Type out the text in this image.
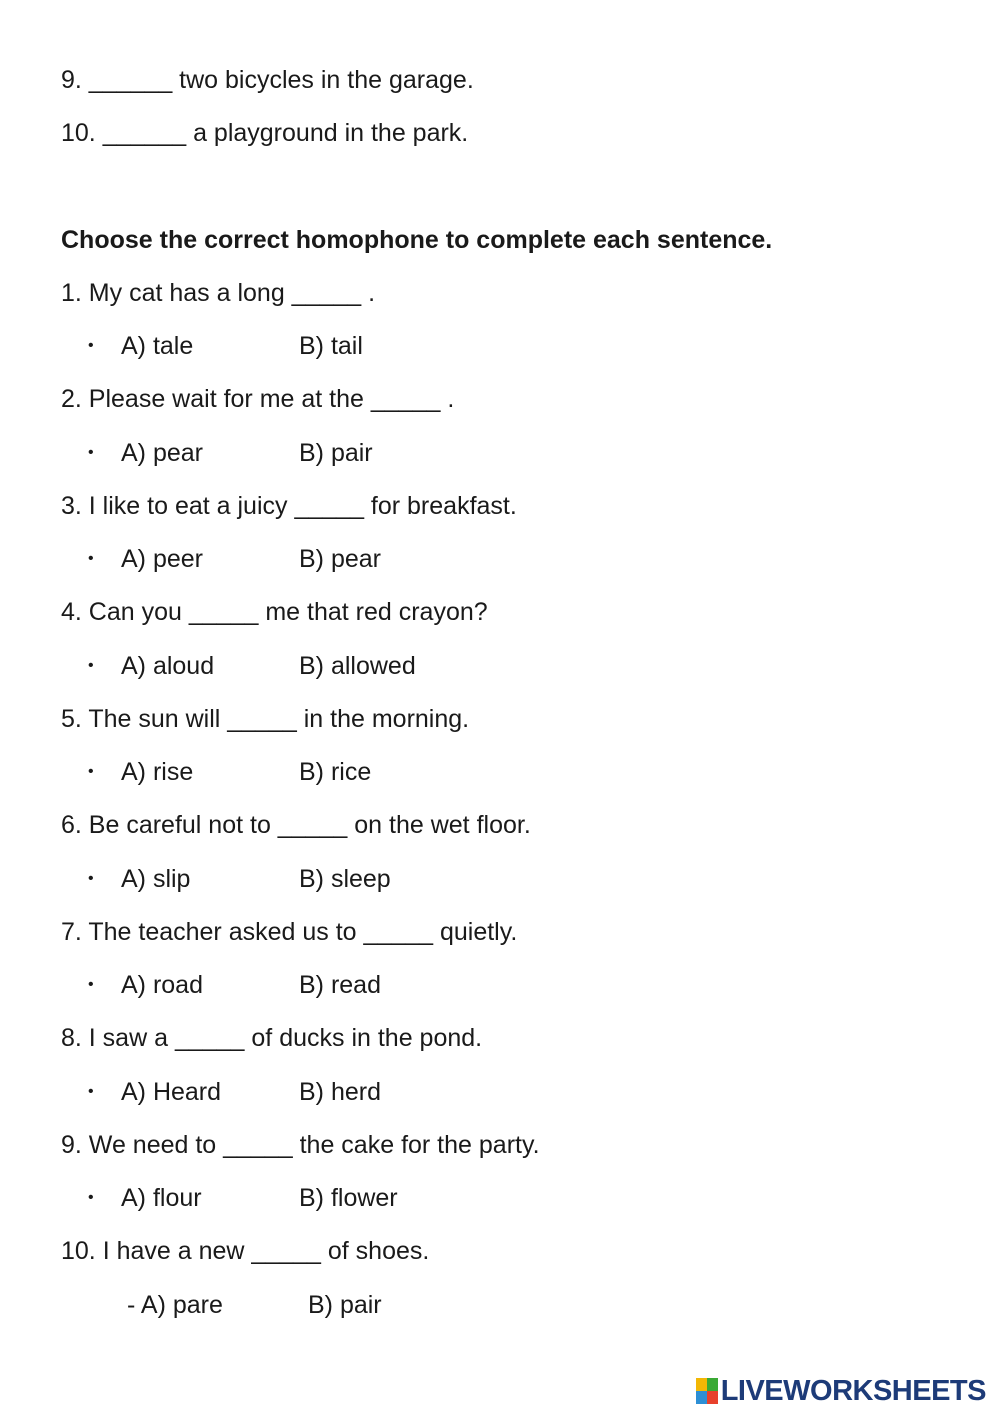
9. ______ two bicycles in the garage.
10. ______ a playground in the park.
Choose the correct homophone to complete each sentence.
1. My cat has a long _____ .
• A) tale	B) tail
2. Please wait for me at the _____ .
• A) pear	B) pair
3. I like to eat a juicy _____ for breakfast.
• A) peer	B) pear
4. Can you _____ me that red crayon?
• A) aloud	B) allowed
5. The sun will _____ in the morning.
• A) rise	B) rice
6. Be careful not to _____ on the wet floor.
• A) slip	B) sleep
7. The teacher asked us to _____ quietly.
• A) road	B) read
8. I saw a _____ of ducks in the pond.
• A) Heard	B) herd
9. We need to _____ the cake for the party.
• A) flour	B) flower
10. I have a new _____ of shoes.
- A) pare	B) pair
LIVEWORKSHEETS
